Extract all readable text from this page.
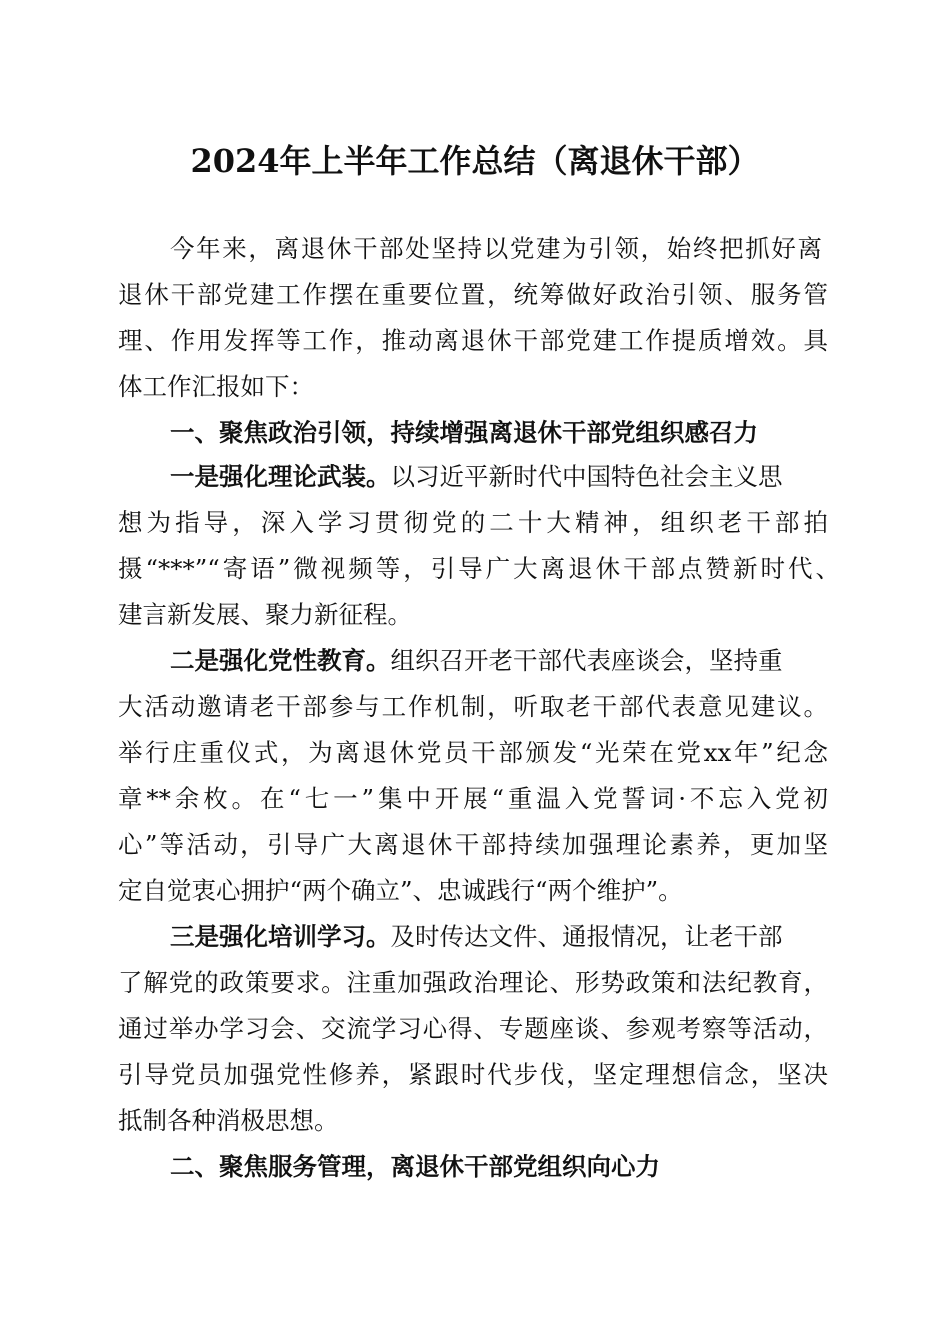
2024年上半年工作总结（离退休干部）
今年来，离退休干部处坚持以党建为引领，始终把抓好离
退休干部党建工作摆在重要位置，统筹做好政治引领、服务管
理、作用发挥等工作，推动离退休干部党建工作提质增效。具
体工作汇报如下：
一、聚焦政治引领，持续增强离退休干部党组织感召力
一是强化理论武装。以习近平新时代中国特色社会主义思
想为指导，深入学习贯彻党的二十大精神，组织老干部拍
摄“***”“寄语”微视频等，引导广大离退休干部点赞新时代、
建言新发展、聚力新征程。
二是强化党性教育。组织召开老干部代表座谈会，坚持重
大活动邀请老干部参与工作机制，听取老干部代表意见建议。
举行庄重仪式，为离退休党员干部颁发“光荣在党xx年”纪念
章**余枚。在“七一”集中开展“重温入党誓词·不忘入党初
心”等活动，引导广大离退休干部持续加强理论素养，更加坚
定自觉衷心拥护“两个确立”、忠诚践行“两个维护”。
三是强化培训学习。及时传达文件、通报情况，让老干部
了解党的政策要求。注重加强政治理论、形势政策和法纪教育，
通过举办学习会、交流学习心得、专题座谈、参观考察等活动，
引导党员加强党性修养，紧跟时代步伐，坚定理想信念，坚决
抵制各种消极思想。
二、聚焦服务管理，离退休干部党组织向心力
